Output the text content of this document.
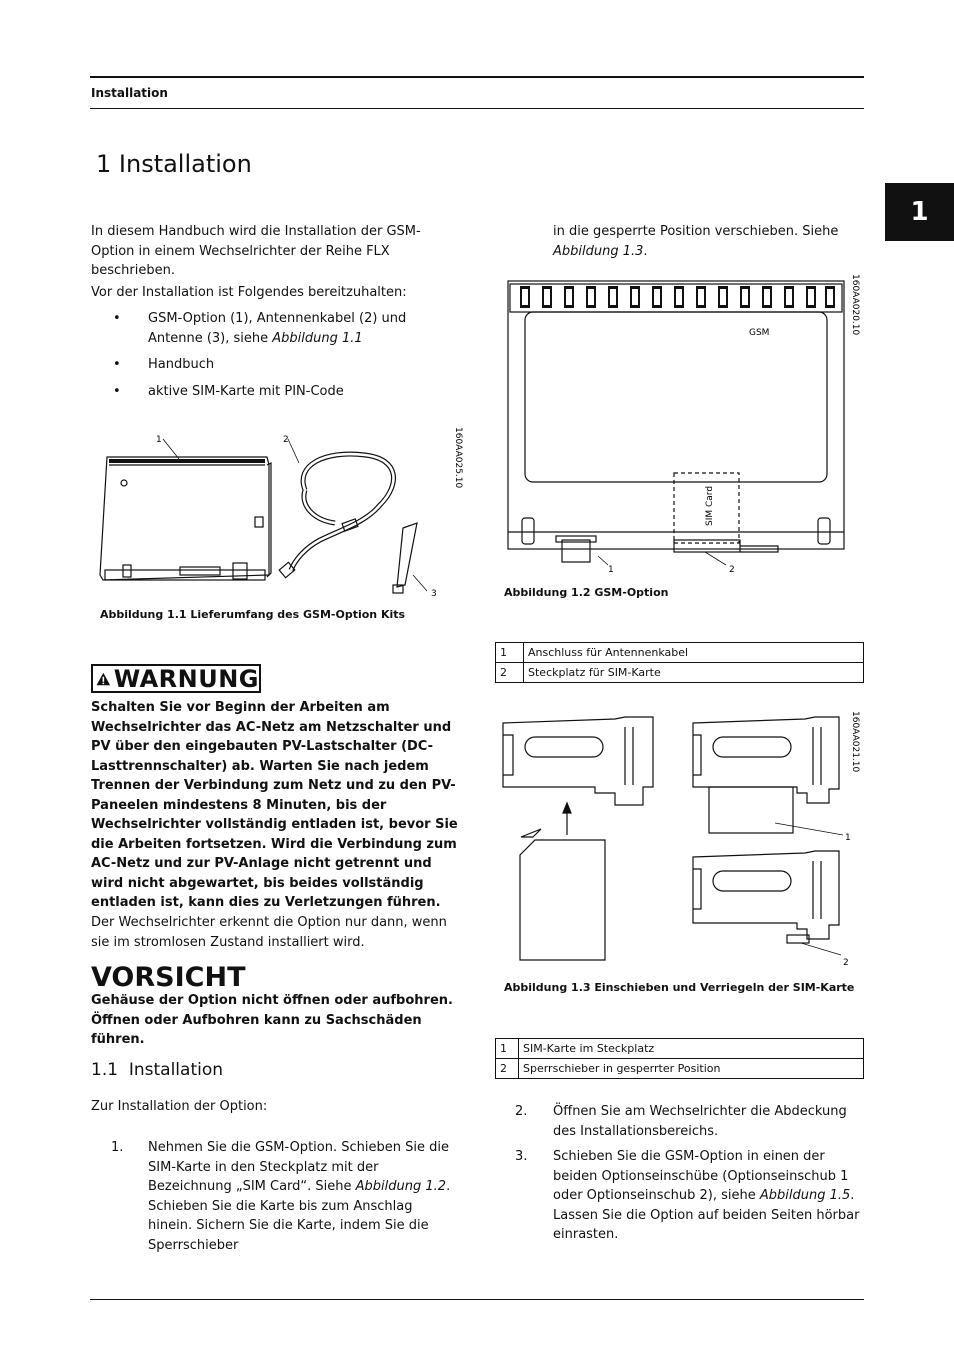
Installation
1
1 Installation
In diesem Handbuch wird die Installation der GSM-Option in einem Wechselrichter der Reihe FLX beschrieben.
Vor der Installation ist Folgendes bereitzuhalten:
• GSM-Option (1), Antennenkabel (2) und Antenne (3), siehe Abbildung 1.1
• Handbuch
• aktive SIM-Karte mit PIN-Code
1	2
3
160AA025.10
Abbildung 1.1 Lieferumfang des GSM-Option Kits
WARNUNG
Schalten Sie vor Beginn der Arbeiten am Wechselrichter das AC-Netz am Netzschalter und PV über den eingebauten PV-Lastschalter (DC-Lasttrennschalter) ab. Warten Sie nach jedem Trennen der Verbindung zum Netz und zu den PV-Paneelen mindestens 8 Minuten, bis der Wechselrichter vollständig entladen ist, bevor Sie die Arbeiten fortsetzen. Wird die Verbindung zum AC-Netz und zur PV-Anlage nicht getrennt und wird nicht abgewartet, bis beides vollständig entladen ist, kann dies zu Verletzungen führen.
Der Wechselrichter erkennt die Option nur dann, wenn sie im stromlosen Zustand installiert wird.
VORSICHT
Gehäuse der Option nicht öffnen oder aufbohren. Öffnen oder Aufbohren kann zu Sachschäden führen.
1.1 Installation
Zur Installation der Option:
1. Nehmen Sie die GSM-Option. Schieben Sie die SIM-Karte in den Steckplatz mit der Bezeichnung „SIM Card“. Siehe Abbildung 1.2.
Schieben Sie die Karte bis zum Anschlag hinein. Sichern Sie die Karte, indem Sie die Sperrschieber
in die gesperrte Position verschieben. Siehe
Abbildung 1.3.
GSM
SIM Card
1	2
160AA020.10
Abbildung 1.2 GSM-Option
1	Anschluss für Antennenkabel
2	Steckplatz für SIM-Karte
1
2
160AA021.10
Abbildung 1.3 Einschieben und Verriegeln der SIM-Karte
1	SIM-Karte im Steckplatz
2	Sperrschieber in gesperrter Position
2. Öffnen Sie am Wechselrichter die Abdeckung des Installationsbereichs.
3. Schieben Sie die GSM-Option in einen der beiden Optionseinschübe (Optionseinschub 1 oder Optionseinschub 2), siehe Abbildung 1.5. Lassen Sie die Option auf beiden Seiten hörbar einrasten.
